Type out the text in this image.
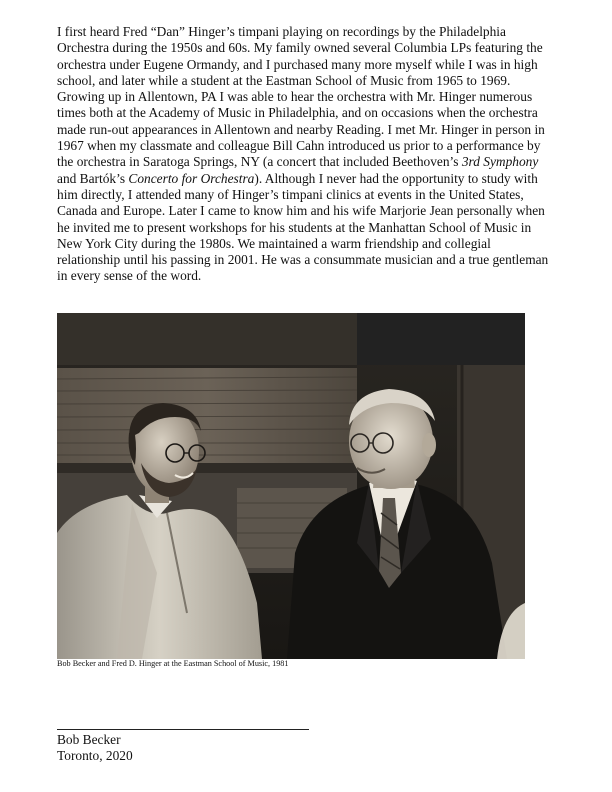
I first heard Fred “Dan” Hinger’s timpani playing on recordings by the Philadelphia Orchestra during the 1950s and 60s. My family owned several Columbia LPs featuring the orchestra under Eugene Ormandy, and I purchased many more myself while I was in high school, and later while a student at the Eastman School of Music from 1965 to 1969. Growing up in Allentown, PA I was able to hear the orchestra with Mr. Hinger numerous times both at the Academy of Music in Philadelphia, and on occasions when the orchestra made run-out appearances in Allentown and nearby Reading. I met Mr. Hinger in person in 1967 when my classmate and colleague Bill Cahn introduced us prior to a performance by the orchestra in Saratoga Springs, NY (a concert that included Beethoven’s 3rd Symphony and Bartók’s Concerto for Orchestra). Although I never had the opportunity to study with him directly, I attended many of Hinger’s timpani clinics at events in the United States, Canada and Europe. Later I came to know him and his wife Marjorie Jean personally when he invited me to present workshops for his students at the Manhattan School of Music in New York City during the 1980s. We maintained a warm friendship and collegial relationship until his passing in 2001. He was a consummate musician and a true gentleman in every sense of the word.

Bob Becker and Fred D. Hinger at the Eastman School of Music, 1981
Bob Becker
Toronto, 2020
